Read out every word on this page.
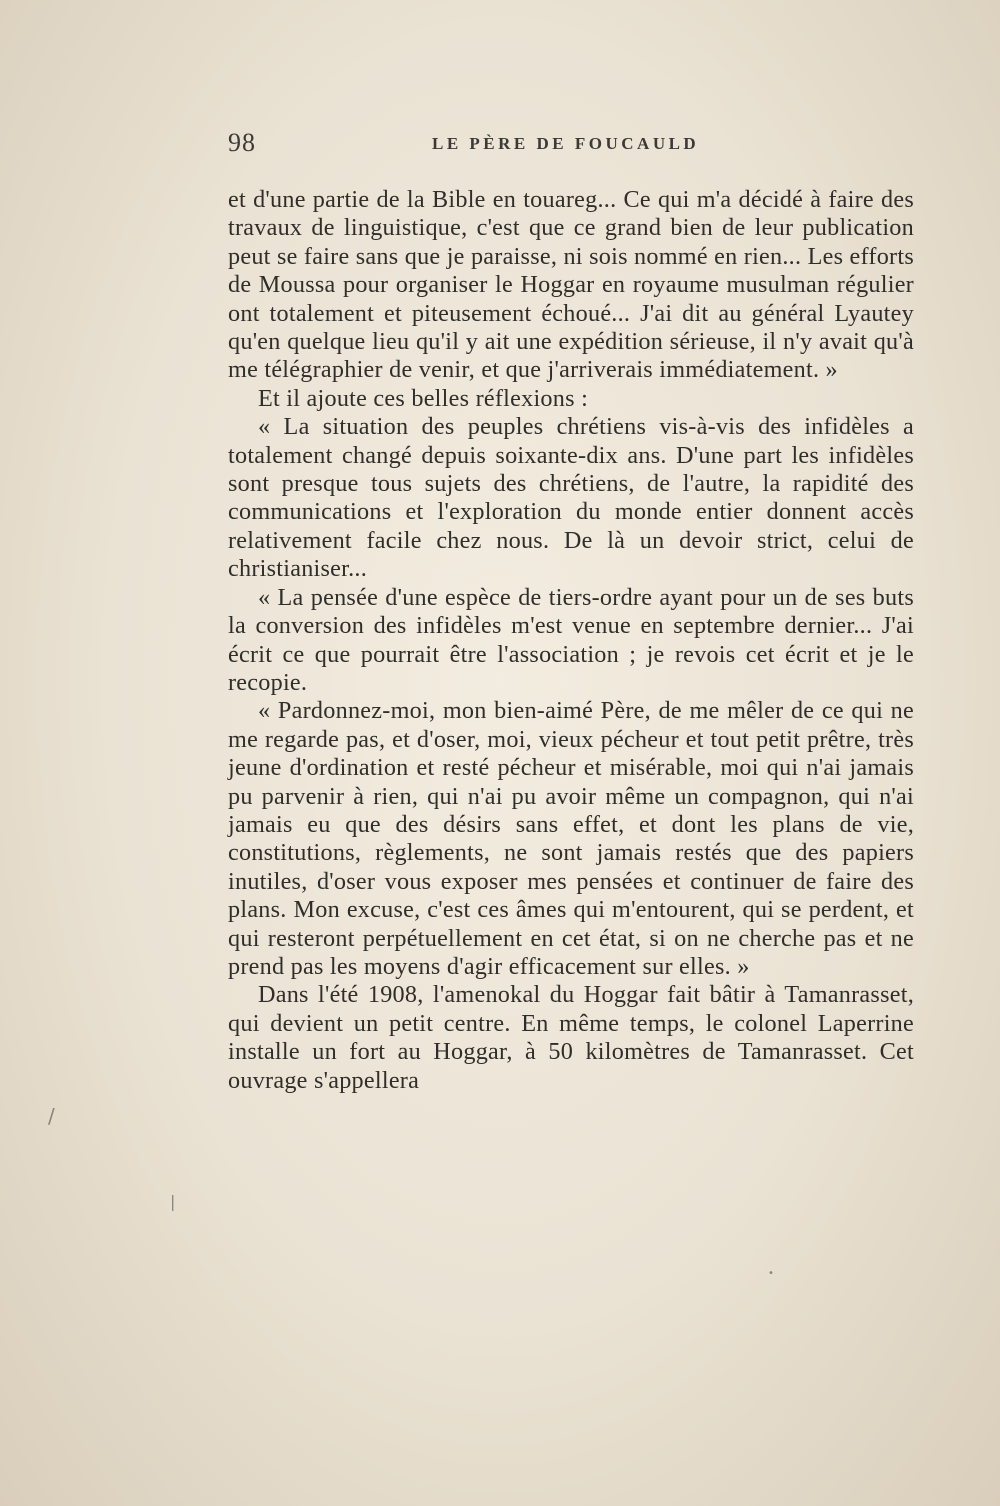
98	LE PÈRE DE FOUCAULD

et d'une partie de la Bible en touareg... Ce qui m'a décidé à faire des travaux de linguistique, c'est que ce grand bien de leur publication peut se faire sans que je paraisse, ni sois nommé en rien... Les efforts de Moussa pour organiser le Hoggar en royaume musulman régulier ont totalement et piteusement échoué... J'ai dit au général Lyautey qu'en quelque lieu qu'il y ait une expédition sérieuse, il n'y avait qu'à me télégraphier de venir, et que j'arriverais immédiatement. »

Et il ajoute ces belles réflexions :

« La situation des peuples chrétiens vis-à-vis des infidèles a totalement changé depuis soixante-dix ans. D'une part les infidèles sont presque tous sujets des chrétiens, de l'autre, la rapidité des communications et l'exploration du monde entier donnent accès relativement facile chez nous. De là un devoir strict, celui de christianiser...

« La pensée d'une espèce de tiers-ordre ayant pour un de ses buts la conversion des infidèles m'est venue en septembre dernier... J'ai écrit ce que pourrait être l'association ; je revois cet écrit et je le recopie.

« Pardonnez-moi, mon bien-aimé Père, de me mêler de ce qui ne me regarde pas, et d'oser, moi, vieux pécheur et tout petit prêtre, très jeune d'ordination et resté pécheur et misérable, moi qui n'ai jamais pu parvenir à rien, qui n'ai pu avoir même un compagnon, qui n'ai jamais eu que des désirs sans effet, et dont les plans de vie, constitutions, règlements, ne sont jamais restés que des papiers inutiles, d'oser vous exposer mes pensées et continuer de faire des plans. Mon excuse, c'est ces âmes qui m'entourent, qui se perdent, et qui resteront perpétuellement en cet état, si on ne cherche pas et ne prend pas les moyens d'agir efficacement sur elles. »

Dans l'été 1908, l'amenokal du Hoggar fait bâtir à Tamanrasset, qui devient un petit centre. En même temps, le colonel Laperrine installe un fort au Hoggar, à 50 kilomètres de Tamanrasset. Cet ouvrage s'appellera

/
|
•
